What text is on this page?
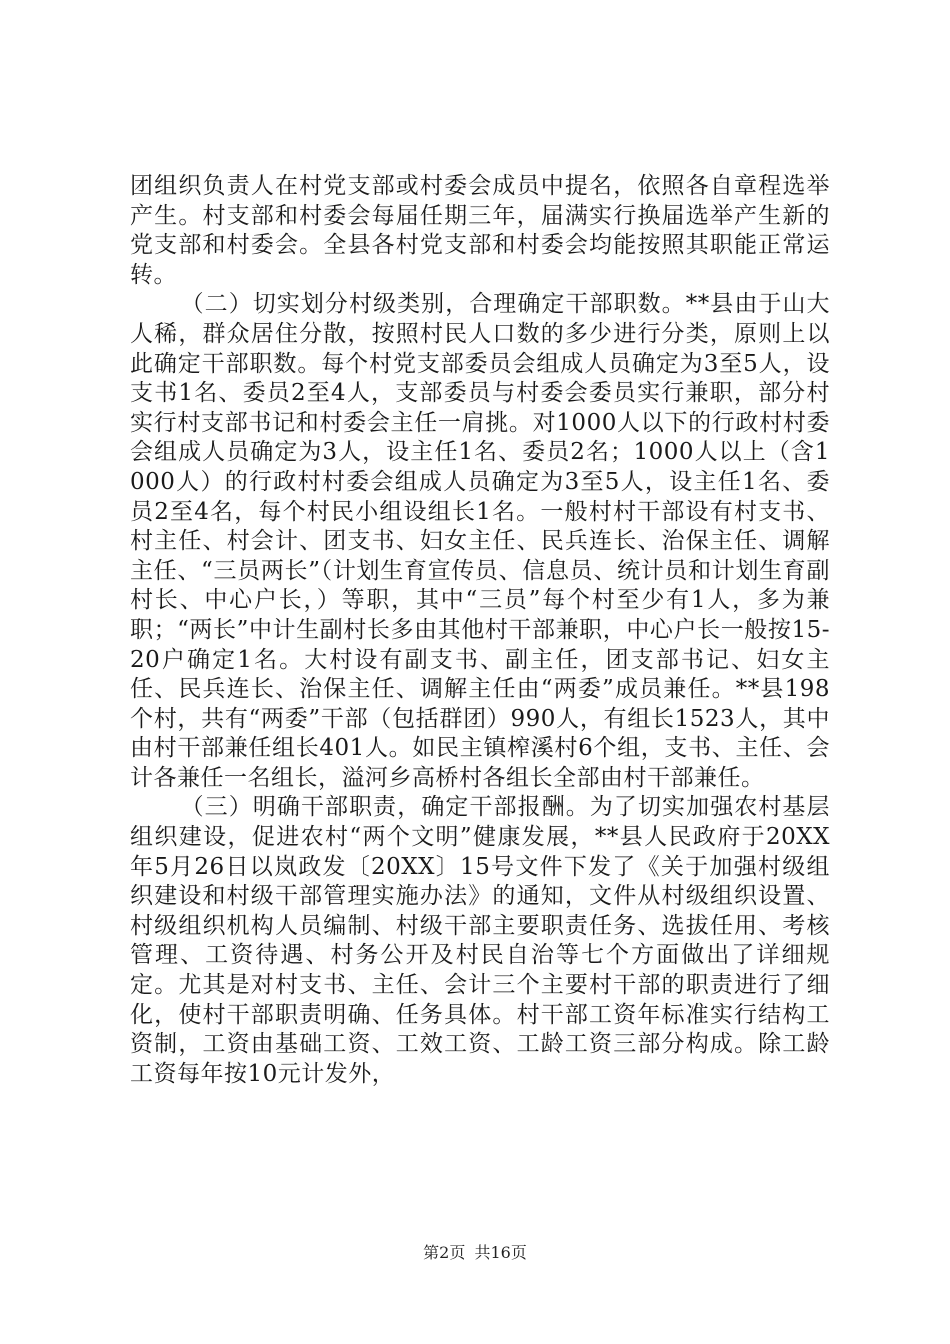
团组织负责人在村党支部或村委会成员中提名，依照各自章程选举产生。村支部和村委会每届任期三年，届满实行换届选举产生新的党支部和村委会。全县各村党支部和村委会均能按照其职能正常运转。

（二）切实划分村级类别，合理确定干部职数。**县由于山大人稀，群众居住分散，按照村民人口数的多少进行分类，原则上以此确定干部职数。每个村党支部委员会组成人员确定为3至5人，设支书1名、委员2至4人，支部委员与村委会委员实行兼职，部分村实行村支部书记和村委会主任一肩挑。对1000人以下的行政村村委会组成人员确定为3人，设主任1名、委员2名；1000人以上（含1000人）的行政村村委会组成人员确定为3至5人，设主任1名、委员2至4名，每个村民小组设组长1名。一般村村干部设有村支书、村主任、村会计、团支书、妇女主任、民兵连长、治保主任、调解主任、“三员两长”（计划生育宣传员、信息员、统计员和计划生育副村长、中心户长，）等职，其中“三员”每个村至少有1人，多为兼职；“两长”中计生副村长多由其他村干部兼职，中心户长一般按15-20户确定1名。大村设有副支书、副主任，团支部书记、妇女主任、民兵连长、治保主任、调解主任由“两委”成员兼任。**县198个村，共有“两委”干部（包括群团）990人，有组长1523人，其中由村干部兼任组长401人。如民主镇榨溪村6个组，支书、主任、会计各兼任一名组长，溢河乡高桥村各组长全部由村干部兼任。

（三）明确干部职责，确定干部报酬。为了切实加强农村基层组织建设，促进农村“两个文明”健康发展，**县人民政府于20XX年5月26日以岚政发〔20XX〕15号文件下发了《关于加强村级组织建设和村级干部管理实施办法》的通知，文件从村级组织设置、村级组织机构人员编制、村级干部主要职责任务、选拔任用、考核管理、工资待遇、村务公开及村民自治等七个方面做出了详细规定。尤其是对村支书、主任、会计三个主要村干部的职责进行了细化，使村干部职责明确、任务具体。村干部工资年标准实行结构工资制，工资由基础工资、工效工资、工龄工资三部分构成。除工龄工资每年按10元计发外，

第2页 共16页
